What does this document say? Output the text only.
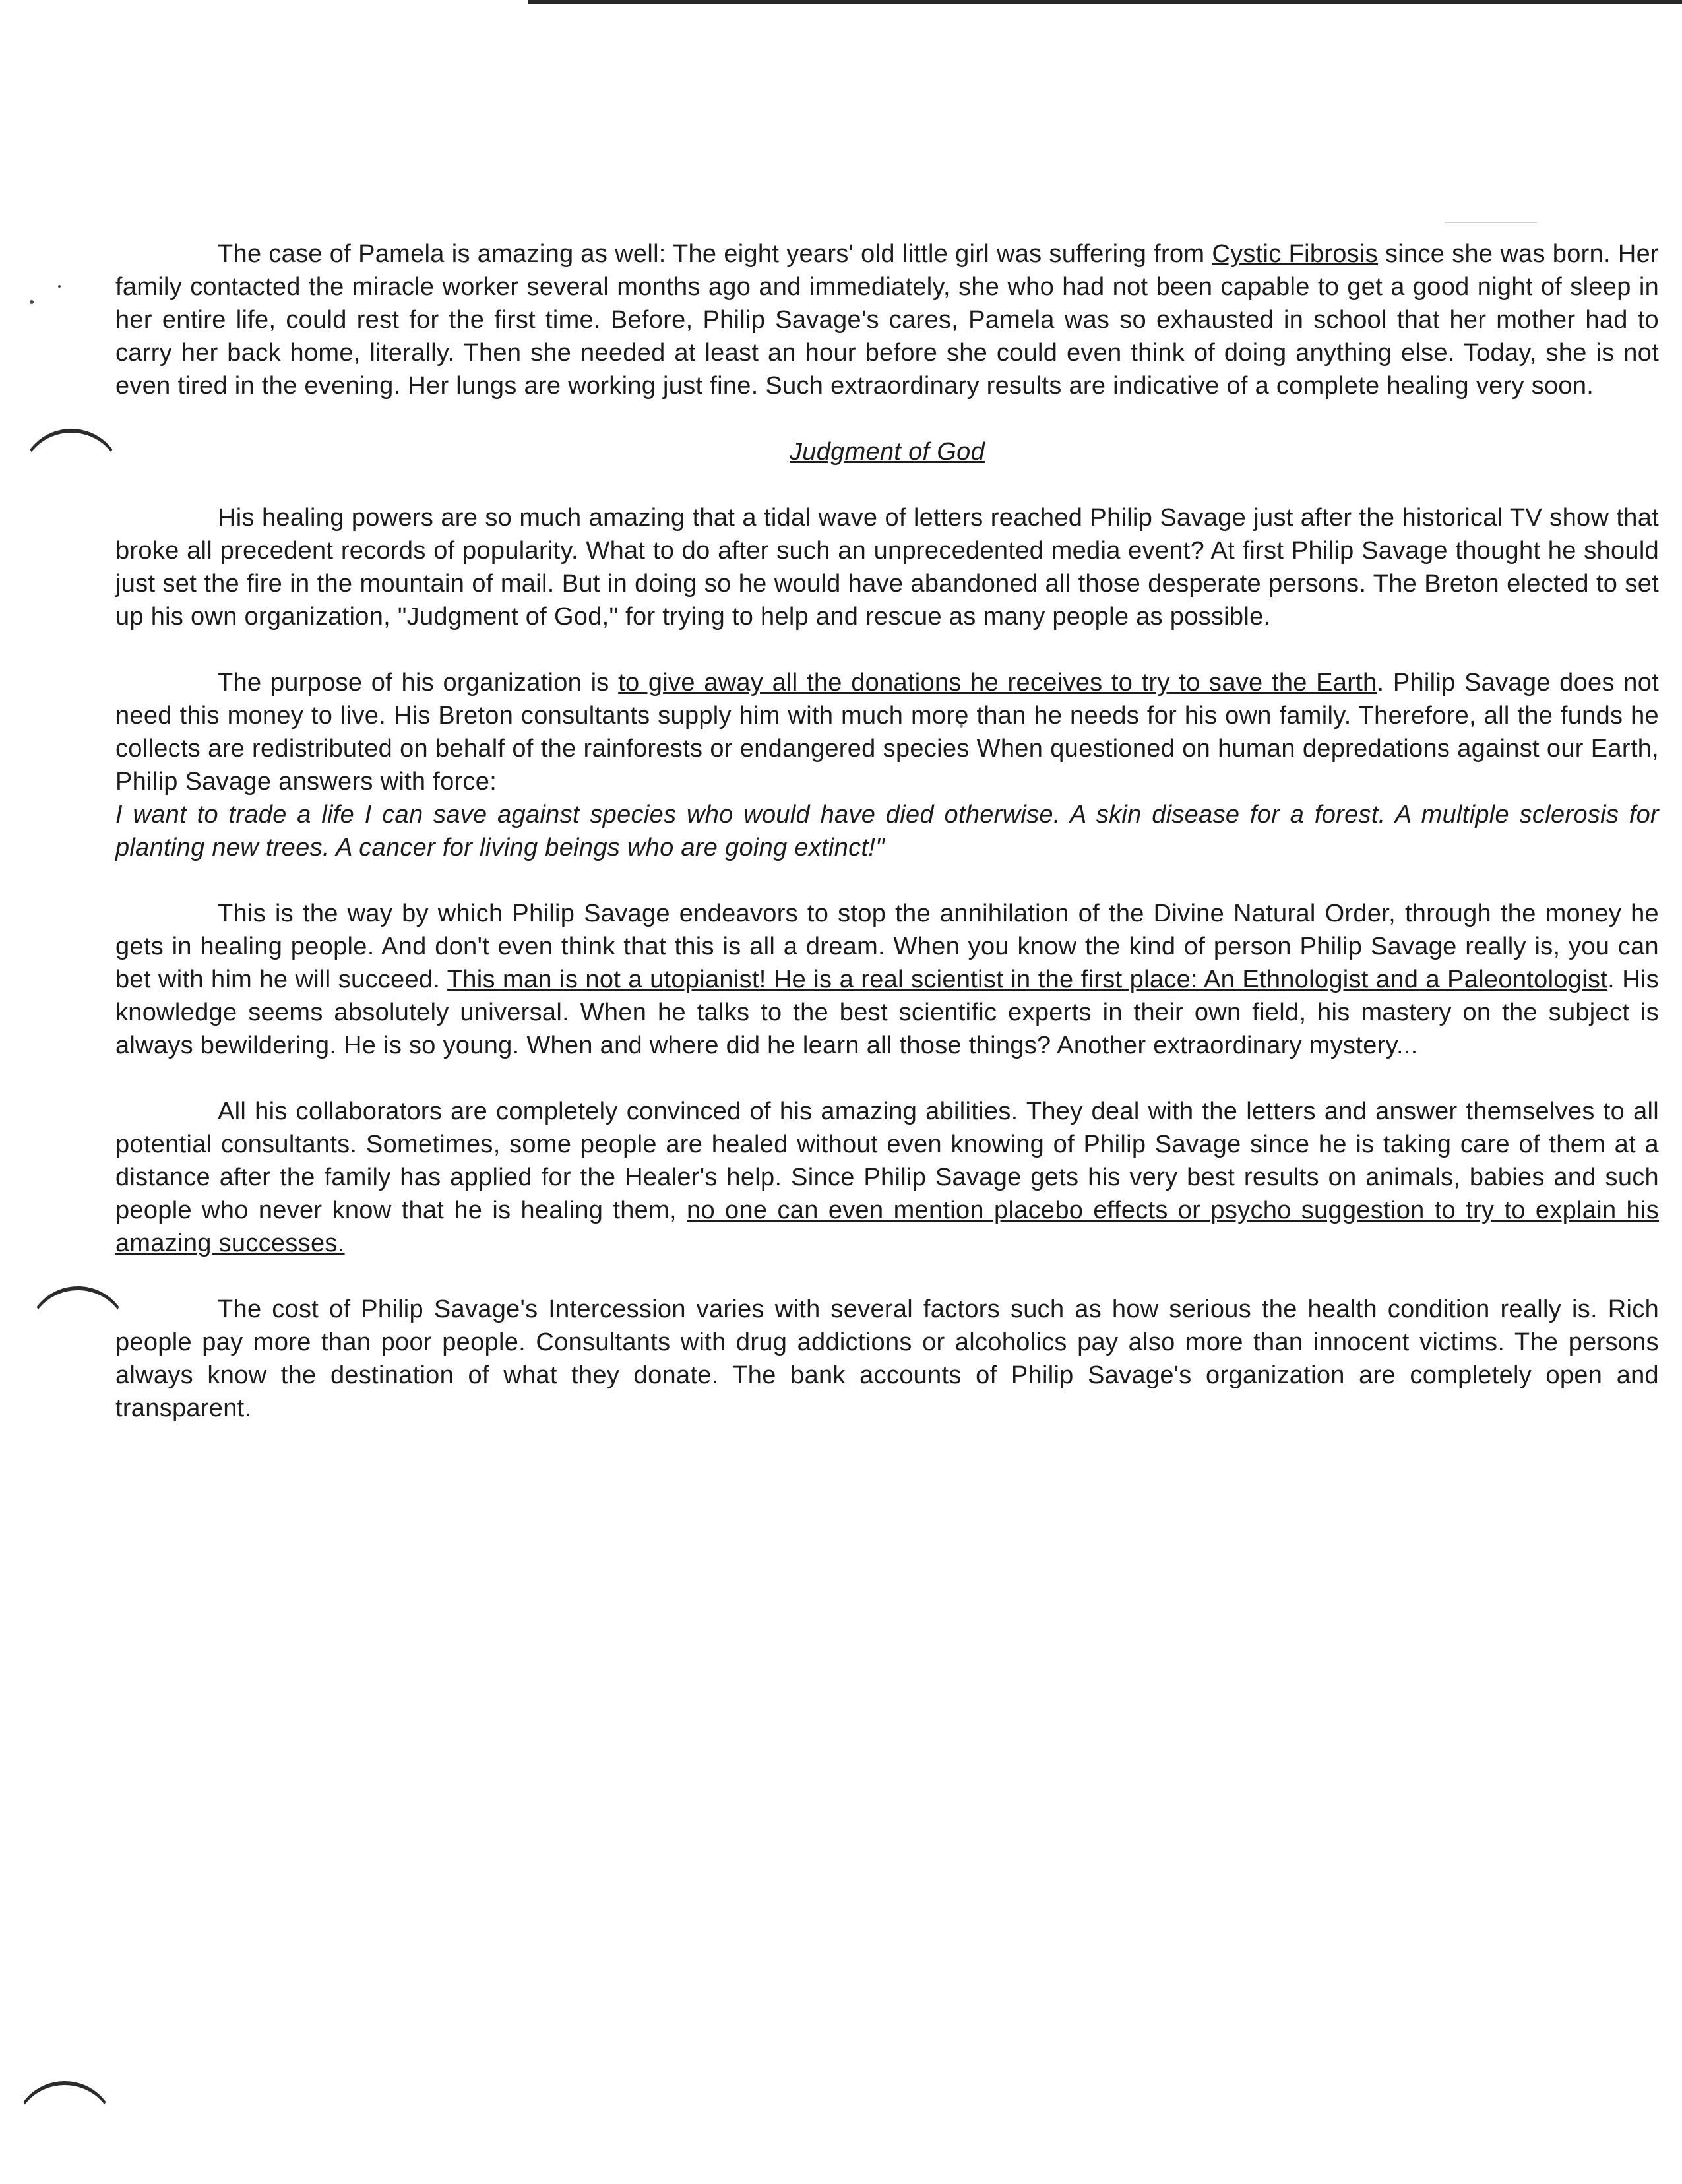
The case of Pamela is amazing as well: The eight years' old little girl was suffering from Cystic Fibrosis since she was born. Her family contacted the miracle worker several months ago and immediately, she who had not been capable to get a good night of sleep in her entire life, could rest for the first time. Before, Philip Savage's cares, Pamela was so exhausted in school that her mother had to carry her back home, literally. Then she needed at least an hour before she could even think of doing anything else. Today, she is not even tired in the evening. Her lungs are working just fine. Such extraordinary results are indicative of a complete healing very soon.

Judgment of God

His healing powers are so much amazing that a tidal wave of letters reached Philip Savage just after the historical TV show that broke all precedent records of popularity. What to do after such an unprecedented media event? At first Philip Savage thought he should just set the fire in the mountain of mail. But in doing so he would have abandoned all those desperate persons. The Breton elected to set up his own organization, "Judgment of God," for trying to help and rescue as many people as possible.

The purpose of his organization is to give away all the donations he receives to try to save the Earth. Philip Savage does not need this money to live. His Breton consultants supply him with much more than he needs for his own family. Therefore, all the funds he collects are redistributed on behalf of the rainforests or endangered species When questioned on human depredations against our Earth, Philip Savage answers with force:
I want to trade a life I can save against species who would have died otherwise. A skin disease for a forest. A multiple sclerosis for planting new trees. A cancer for living beings who are going extinct!"

This is the way by which Philip Savage endeavors to stop the annihilation of the Divine Natural Order, through the money he gets in healing people. And don't even think that this is all a dream. When you know the kind of person Philip Savage really is, you can bet with him he will succeed. This man is not a utopianist! He is a real scientist in the first place: An Ethnologist and a Paleontologist. His knowledge seems absolutely universal. When he talks to the best scientific experts in their own field, his mastery on the subject is always bewildering. He is so young. When and where did he learn all those things? Another extraordinary mystery...

All his collaborators are completely convinced of his amazing abilities. They deal with the letters and answer themselves to all potential consultants. Sometimes, some people are healed without even knowing of Philip Savage since he is taking care of them at a distance after the family has applied for the Healer's help. Since Philip Savage gets his very best results on animals, babies and such people who never know that he is healing them, no one can even mention placebo effects or psycho suggestion to try to explain his amazing successes.

The cost of Philip Savage's Intercession varies with several factors such as how serious the health condition really is. Rich people pay more than poor people. Consultants with drug addictions or alcoholics pay also more than innocent victims. The persons always know the destination of what they donate. The bank accounts of Philip Savage's organization are completely open and transparent.
